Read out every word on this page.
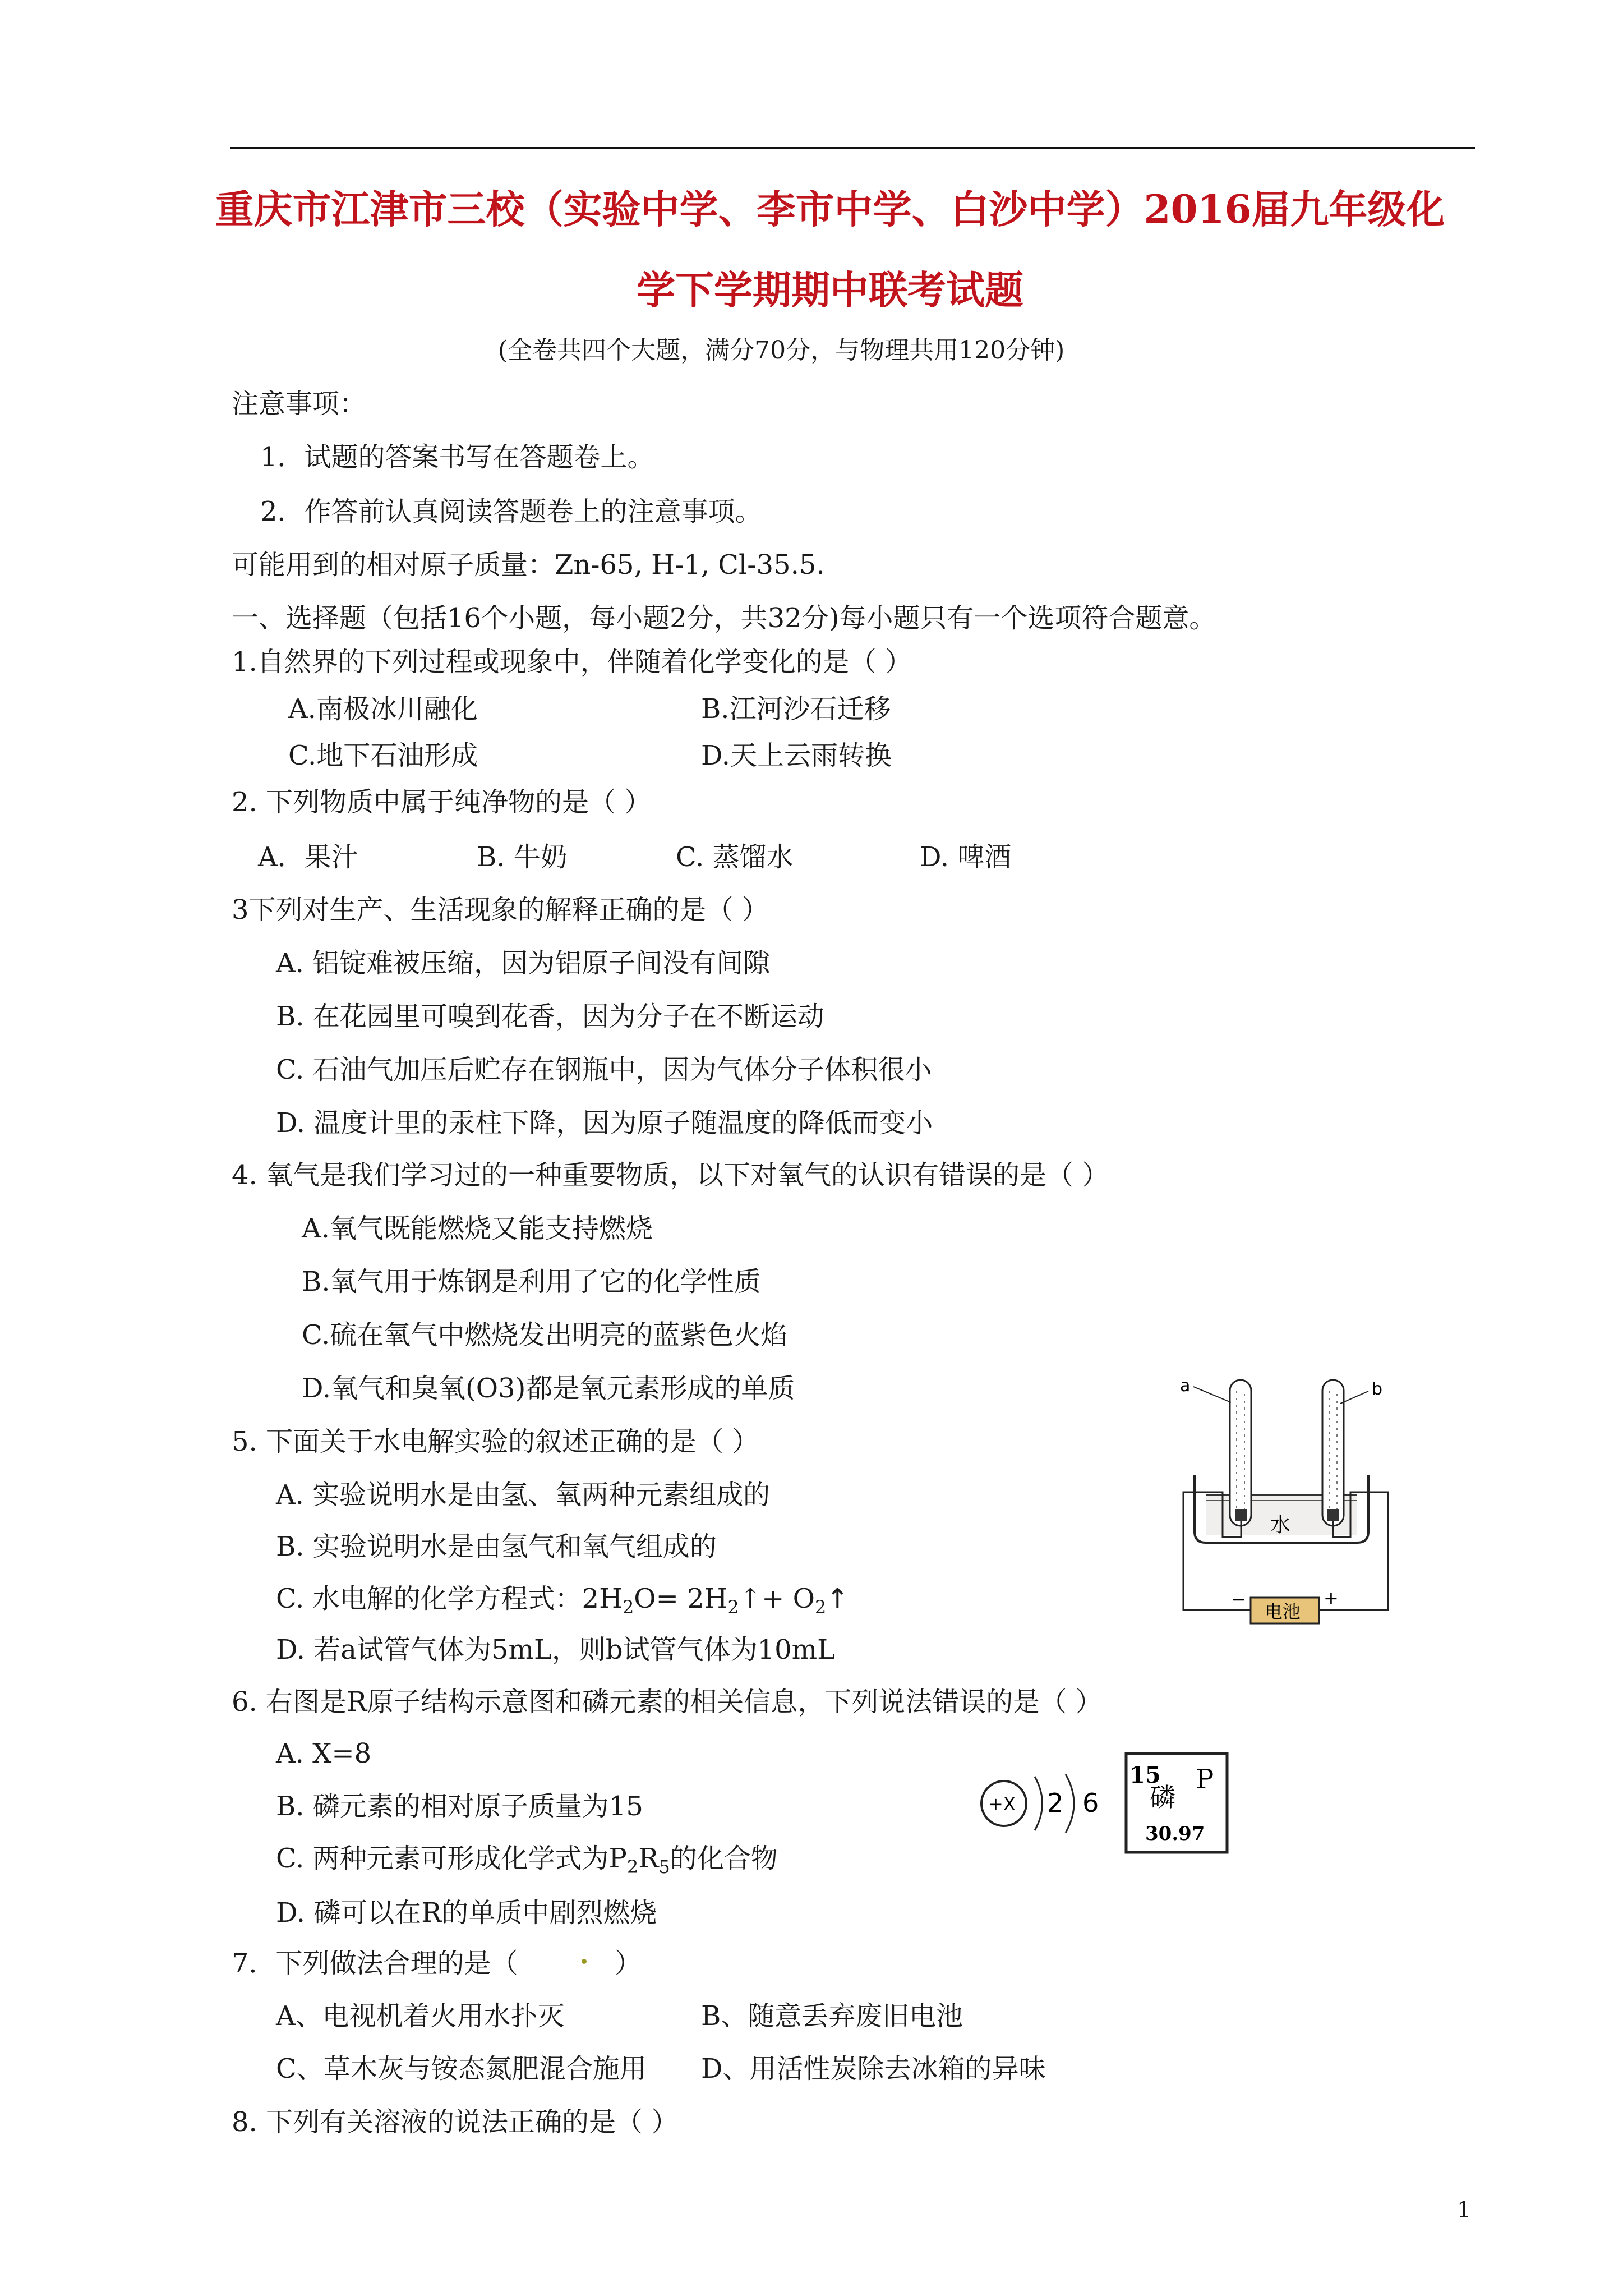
重庆市江津市三校（实验中学、李市中学、白沙中学）2016届九年级化
学下学期期中联考试题
(全卷共四个大题，满分70分，与物理共用120分钟)
注意事项：
1．试题的答案书写在答题卷上。
2．作答前认真阅读答题卷上的注意事项。
可能用到的相对原子质量：Zn-65, H-1, Cl-35.5.
一、选择题（包括16个小题，每小题2分，共32分)每小题只有一个选项符合题意。
1.自然界的下列过程或现象中，伴随着化学变化的是（ ）
A.南极冰川融化	B.江河沙石迁移
C.地下石油形成	D.天上云雨转换
2. 下列物质中属于纯净物的是（ ）
A．果汁	B. 牛奶	C. 蒸馏水	D. 啤酒
3下列对生产、生活现象的解释正确的是（ ）
A. 铝锭难被压缩，因为铝原子间没有间隙
B. 在花园里可嗅到花香，因为分子在不断运动
C. 石油气加压后贮存在钢瓶中，因为气体分子体积很小
D. 温度计里的汞柱下降，因为原子随温度的降低而变小
4. 氧气是我们学习过的一种重要物质，以下对氧气的认识有错误的是（ ）
A.氧气既能燃烧又能支持燃烧
B.氧气用于炼钢是利用了它的化学性质
C.硫在氧气中燃烧发出明亮的蓝紫色火焰
D.氧气和臭氧(O3)都是氧元素形成的单质
5. 下面关于水电解实验的叙述正确的是（ ）
A. 实验说明水是由氢、氧两种元素组成的
B. 实验说明水是由氢气和氧气组成的
C. 水电解的化学方程式：$2H_2O=$ $2H_2↑+$ $O_2↑$
D. 若a试管气体为5mL，则b试管气体为10mL
6. 右图是R原子结构示意图和磷元素的相关信息，下列说法错误的是（ ）
A. X=8
B. 磷元素的相对原子质量为15
C. 两种元素可形成化学式为$P_2R_5$的化合物
D. 磷可以在R的单质中剧烈燃烧
7．下列做法合理的是（	）
A、电视机着火用水扑灭	B、随意丢弃废旧电池
C、草木灰与铵态氮肥混合施用 D、用活性炭除去冰箱的异味
8. 下列有关溶液的说法正确的是（ ）
a	b
水
电池
−	+
+X 2 6
15
磷
P
30.97
1
